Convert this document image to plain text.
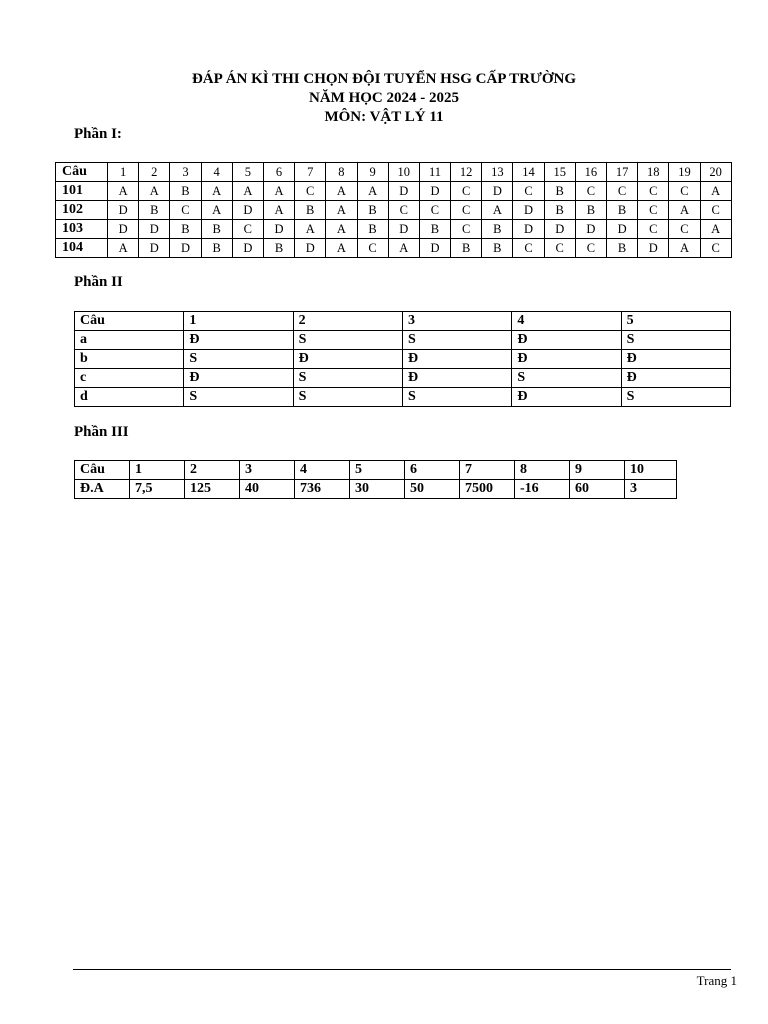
ĐÁP ÁN KÌ THI CHỌN ĐỘI TUYỂN HSG CẤP TRƯỜNG
NĂM HỌC 2024 - 2025
MÔN: VẬT LÝ 11
Phần I:
Câu	1	2	3	4	5	6	7	8	9	10	11	12	13	14	15	16	17	18	19	20
101	A	A	B	A	A	A	C	A	A	D	D	C	D	C	B	C	C	C	C	A
102	D	B	C	A	D	A	B	A	B	C	C	C	A	D	B	B	B	C	A	C
103	D	D	B	B	C	D	A	A	B	D	B	C	B	D	D	D	D	C	C	A
104	A	D	D	B	D	B	D	A	C	A	D	B	B	C	C	C	B	D	A	C
Phần II
Câu	1	2	3	4	5
a	Đ	S	S	Đ	S
b	S	Đ	Đ	Đ	Đ
c	Đ	S	Đ	S	Đ
d	S	S	S	Đ	S
Phần III
Câu	1	2	3	4	5	6	7	8	9	10
Đ.A	7,5	125	40	736	30	50	7500	-16	60	3
Trang 1
